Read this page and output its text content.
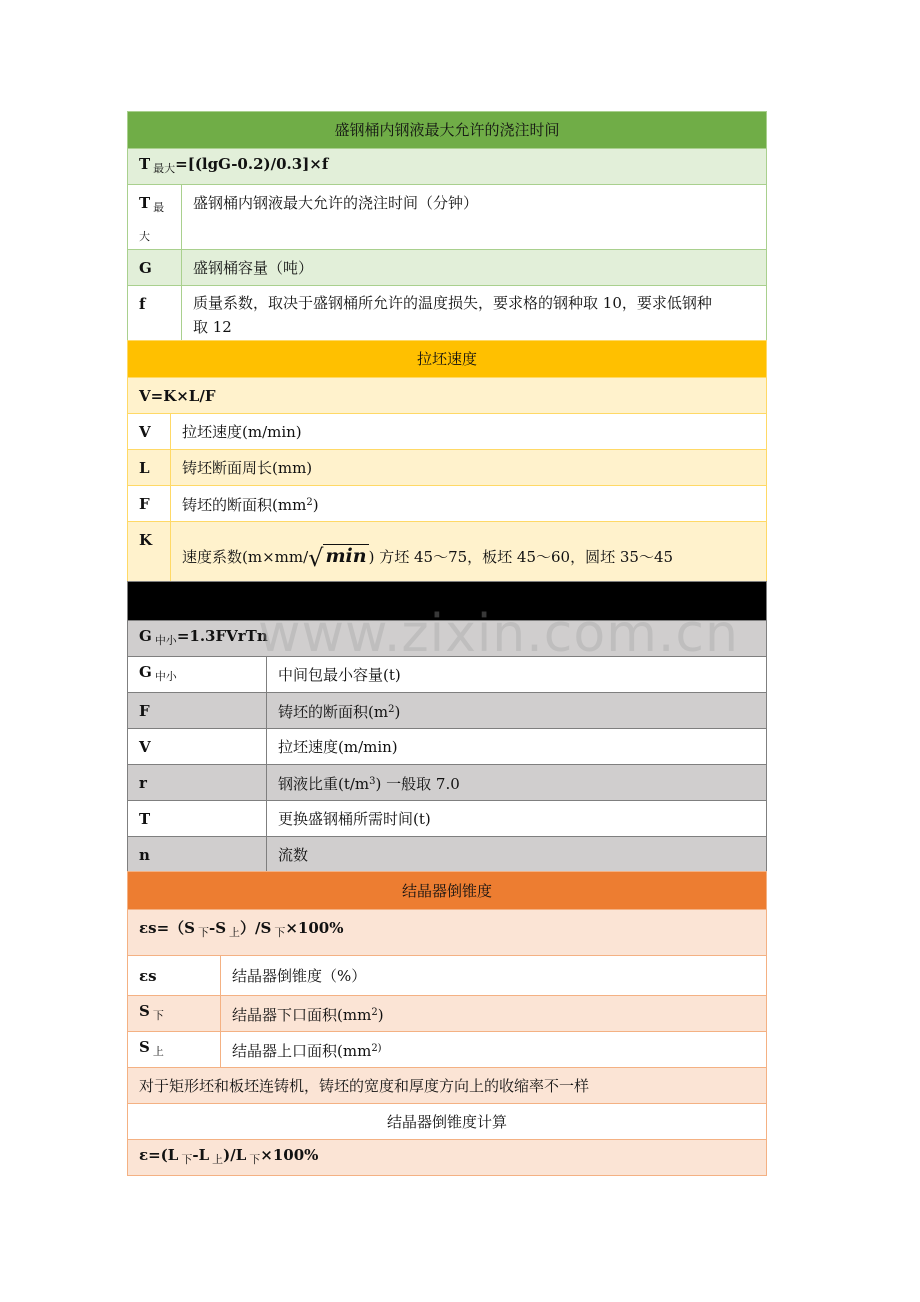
盛钢桶内钢液最大允许的浇注时间	
T $_{最大}$=[(lgG-0.2)/0.3]×f	
T $_{最大}$	盛钢桶内钢液最大允许的浇注时间（分钟）
G	盛钢桶容量（吨）
f	质量系数，取决于盛钢桶所允许的温度损失，要求格的钢种取 10，要求低钢种
取 12
拉坯速度	
V=K×L/F	
V	拉坯速度(m/min)
L	铸坯断面周长(mm)
F	铸坯的断面积$(mm^2)$
K	速度系数(m×mm/√ min ) 方坯 45～75，板坯 45～60，圆坯 35～45

G $_{中小}$=1.3FVrTn	
G $_{中小}$	中间包最小容量(t)
F	铸坯的断面积$(m^2)$
V	拉坯速度(m/min)
r	钢液比重$(t/m^3)$ 一般取 7.0
T	更换盛钢桶所需时间(t)
n	流数
结晶器倒锥度	
εs=（S $_下$-S $_上$）/S $_下$×100%	
εs	结晶器倒锥度（%）
S $_下$	结晶器下口面积$(mm^2)$
S $_上$	结晶器上口面积($mm^{2)}$
对于矩形坯和板坯连铸机，铸坯的宽度和厚度方向上的收缩率不一样	
结晶器倒锥度计算	
ε=(L $_下$-L $_上$)/L $_下$×100%	
www.zixin.com.cn
